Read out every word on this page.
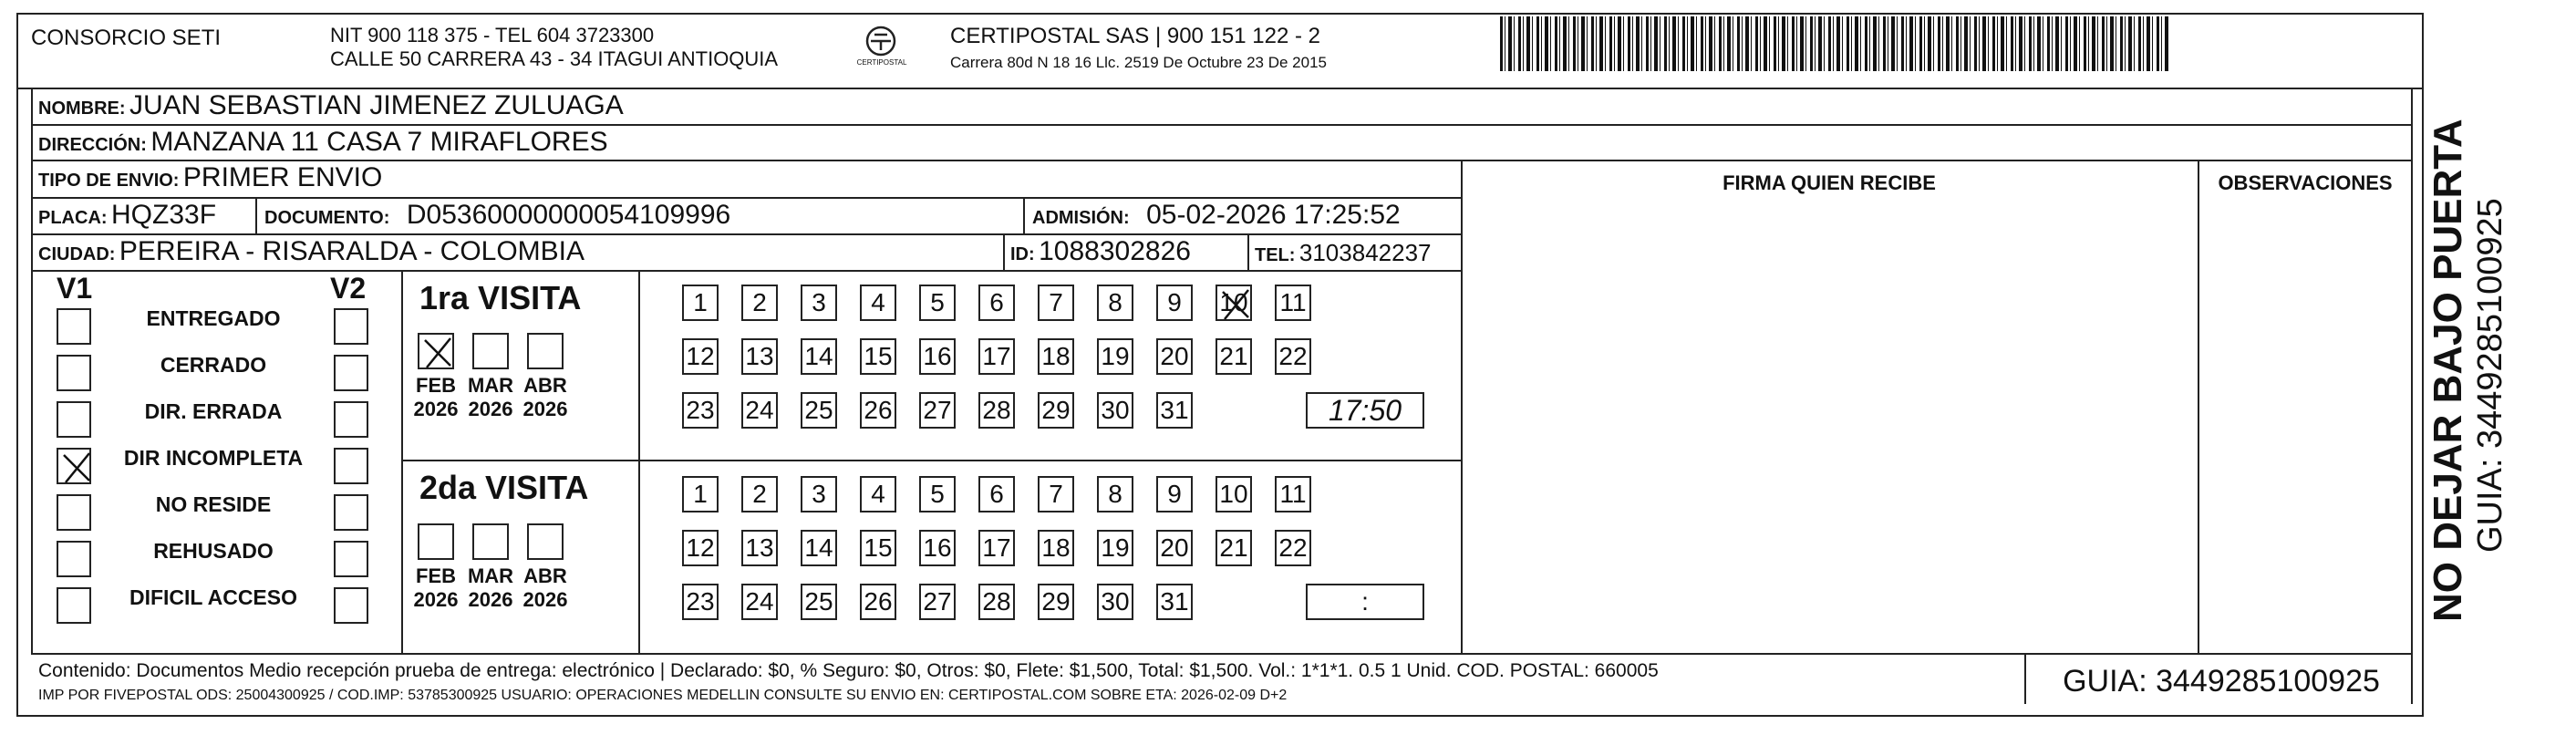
CONSORCIO SETI	NIT 900 118 375 - TEL 604 3723300
CALLE 50 CARRERA 43 - 34 ITAGUI ANTIOQUIA	CERTIPOSTAL
CERTIPOSTAL SAS | 900 151 122 - 2
Carrera 80d N 18 16 Llc. 2519 De Octubre 23 De 2015
NOMBRE: JUAN SEBASTIAN JIMENEZ ZULUAGA
DIRECCIÓN: MANZANA 11 CASA 7 MIRAFLORES
TIPO DE ENVIO: PRIMER ENVIO	FIRMA QUIEN RECIBE	OBSERVACIONES
PLACA: HQZ33F	DOCUMENTO: D05360000000054109996	ADMISIÓN: 05-02-2026 17:25:52
CIUDAD: PEREIRA - RISARALDA - COLOMBIA	ID: 1088302826	TEL: 3103842237
V1	V2
ENTREGADO
CERRADO
DIR. ERRADA
DIR INCOMPLETA
NO RESIDE
REHUSADO
DIFICIL ACCESO
1ra VISITA
2da VISITA
FEB
2026
MAR
2026
ABR
2026
FEB
2026
MAR
2026
ABR
2026
1	2	3	4	5	6	7	8	9	10 11
12 13 14 15 16 17 18 19 20 21 22
23 24 25 26 27 28 29 30 31	17:50
1	2	3	4	5	6	7	8	9	10 11
12 13 14 15 16 17 18 19 20 21 22
23 24 25 26 27 28 29 30 31	:
Contenido: Documentos Medio recepción prueba de entrega: electrónico | Declarado: $0, % Seguro: $0, Otros: $0, Flete: $1,500, Total: $1,500. Vol.: 1*1*1. 0.5 1 Unid. COD. POSTAL: 660005
IMP POR FIVEPOSTAL ODS: 25004300925 / COD.IMP: 53785300925 USUARIO: OPERACIONES MEDELLIN CONSULTE SU ENVIO EN: CERTIPOSTAL.COM SOBRE ETA: 2026-02-09 D+2	GUIA: 3449285100925
NO DEJAR BAJO PUERTA GUIA: 3449285100925
